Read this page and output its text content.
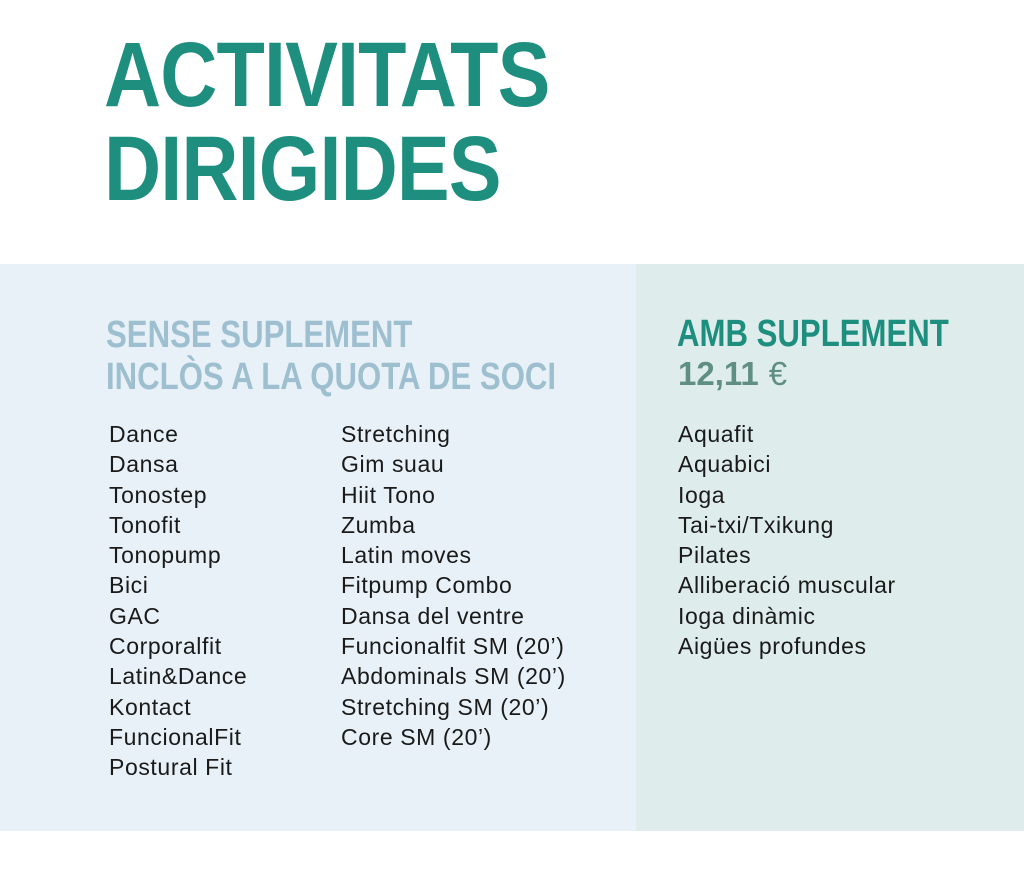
ACTIVITATS
DIRIGIDES
SENSE SUPLEMENT
INCLÒS A LA QUOTA DE SOCI
AMB SUPLEMENT
12,11 €
Dance
Dansa
Tonostep
Tonofit
Tonopump
Bici
GAC
Corporalfit
Latin&Dance
Kontact
FuncionalFit
Postural Fit
Stretching
Gim suau
Hiit Tono
Zumba
Latin moves
Fitpump Combo
Dansa del ventre
Funcionalfit SM (20’)
Abdominals SM (20’)
Stretching SM (20’)
Core SM (20’)
Aquafit
Aquabici
Ioga
Tai-txi/Txikung
Pilates
Alliberació muscular
Ioga dinàmic
Aigües profundes
